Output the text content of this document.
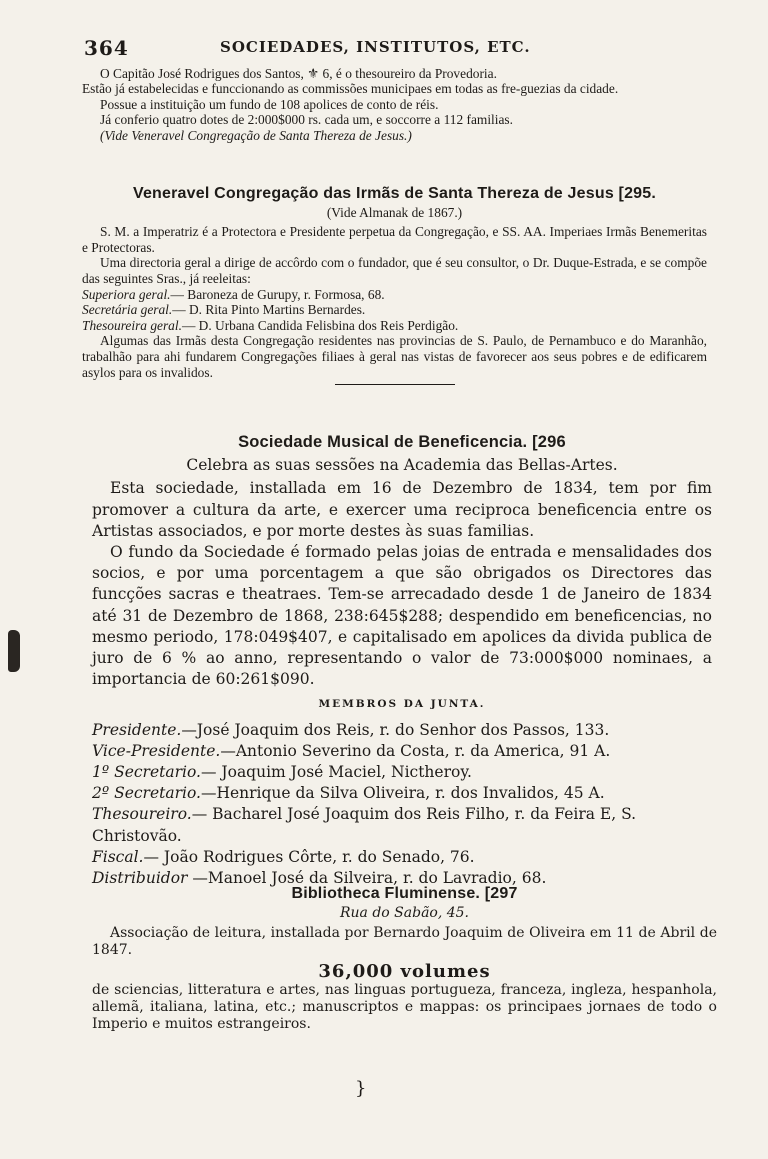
364	SOCIEDADES, INSTITUTOS, ETC.

O Capitão José Rodrigues dos Santos, ⚜ 6, é o thesoureiro da Provedoria.

Estão já estabelecidas e funccionando as commissões municipaes em todas as fre-guezias da cidade.

Possue a instituição um fundo de 108 apolices de conto de réis.

Já conferio quatro dotes de 2:000$000 rs. cada um, e soccorre a 112 familias.

(Vide Veneravel Congregação de Santa Thereza de Jesus.)

Veneravel Congregação das Irmãs de Santa Thereza de Jesus [295.
(Vide Almanak de 1867.)

S. M. a Imperatriz é a Protectora e Presidente perpetua da Congregação, e SS. AA. Imperiaes Irmãs Benemeritas e Protectoras.

Uma directoria geral a dirige de accôrdo com o fundador, que é seu consultor, o Dr. Duque-Estrada, e se compõe das seguintes Sras., já reeleitas:

Superiora geral.— Baroneza de Gurupy, r. Formosa, 68.
Secretária geral.— D. Rita Pinto Martins Bernardes.
Thesoureira geral.— D. Urbana Candida Felisbina dos Reis Perdigão.

Algumas das Irmãs desta Congregação residentes nas provincias de S. Paulo, de Pernambuco e do Maranhão, trabalhão para ahi fundarem Congregações filiaes à geral nas vistas de favorecer aos seus pobres e de edificarem asylos para os invalidos.

Sociedade Musical de Beneficencia. [296
Celebra as suas sessões na Academia das Bellas-Artes.

Esta sociedade, installada em 16 de Dezembro de 1834, tem por fim promover a cultura da arte, e exercer uma reciproca beneficencia entre os Artistas associados, e por morte destes às suas familias.

O fundo da Sociedade é formado pelas joias de entrada e mensalidades dos socios, e por uma porcentagem a que são obrigados os Directores das funcções sacras e theatraes. Tem-se arrecadado desde 1 de Janeiro de 1834 até 31 de Dezembro de 1868, 238:645$288; despendido em beneficencias, no mesmo periodo, 178:049$407, e capitalisado em apolices da divida publica de juro de 6 % ao anno, representando o valor de 73:000$000 nominaes, a importancia de 60:261$090.

MEMBROS DA JUNTA.
Presidente.—José Joaquim dos Reis, r. do Senhor dos Passos, 133.
Vice-Presidente.—Antonio Severino da Costa, r. da America, 91 A.
1º Secretario.— Joaquim José Maciel, Nictheroy.
2º Secretario.—Henrique da Silva Oliveira, r. dos Invalidos, 45 A.
Thesoureiro.— Bacharel José Joaquim dos Reis Filho, r. da Feira E, S. Christovão.
Fiscal.— João Rodrigues Côrte, r. do Senado, 76.
Distribuidor —Manoel José da Silveira, r. do Lavradio, 68.
Bibliotheca Fluminense. [297
Rua do Sabão, 45.

Associação de leitura, installada por Bernardo Joaquim de Oliveira em 11 de Abril de 1847.

36,000 volumes

de sciencias, litteratura e artes, nas linguas portugueza, franceza, ingleza, hespanhola, allemã, italiana, latina, etc.; manuscriptos e mappas: os principaes jornaes de todo o Imperio e muitos estrangeiros.

}
